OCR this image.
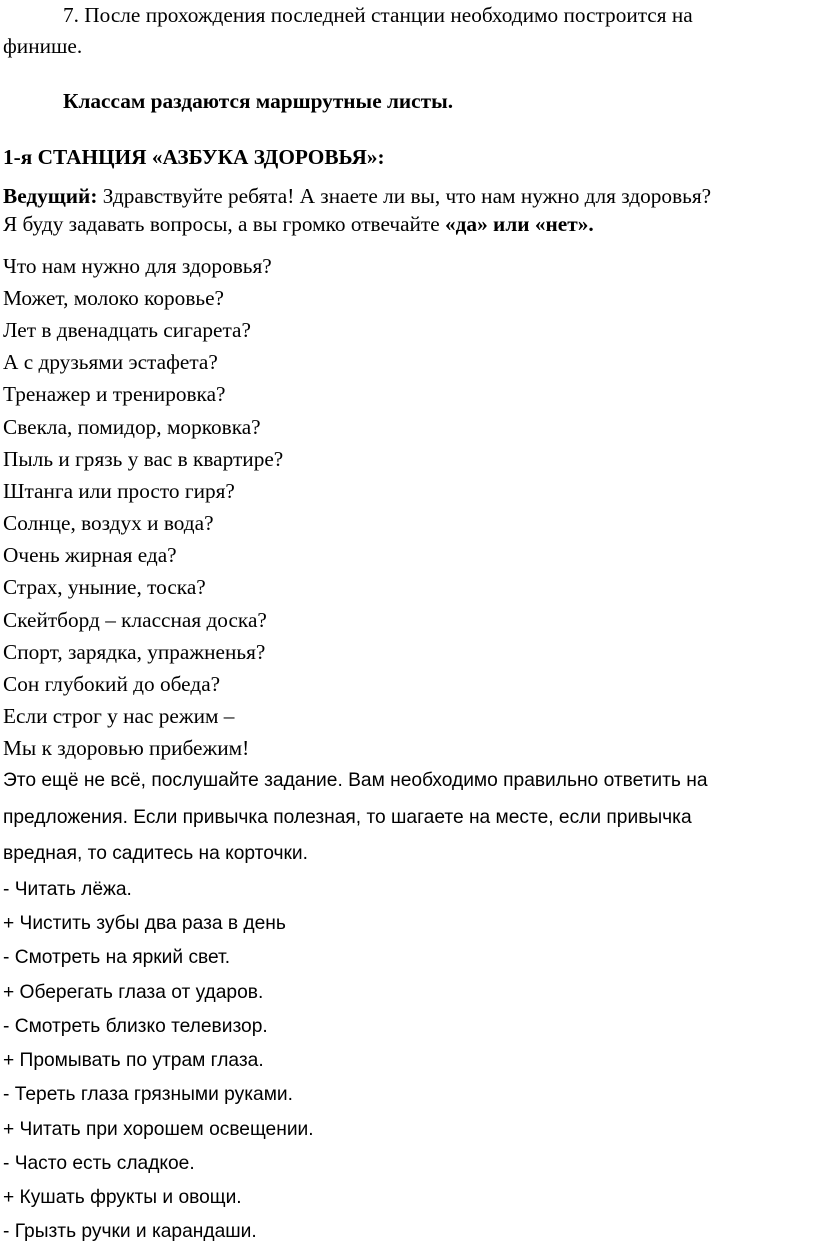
7. После прохождения последней станции необходимо построится на
финише.
Классам раздаются маршрутные листы.
1-я СТАНЦИЯ «АЗБУКА ЗДОРОВЬЯ»:
Ведущий: Здравствуйте ребята! А знаете ли вы, что нам нужно для здоровья?
Я буду задавать вопросы, а вы громко отвечайте «да» или «нет».
Что нам нужно для здоровья?
Может, молоко коровье?
Лет в двенадцать сигарета?
А с друзьями эстафета?
Тренажер и тренировка?
Свекла, помидор, морковка?
Пыль и грязь у вас в квартире?
Штанга или просто гиря?
Солнце, воздух и вода?
Очень жирная еда?
Страх, уныние, тоска?
Скейтборд – классная доска?
Спорт, зарядка, упражненья?
Сон глубокий до обеда?
Если строг у нас режим –
Мы к здоровью прибежим!
Это ещё не всё, послушайте задание. Вам необходимо правильно ответить на
предложения. Если привычка полезная, то шагаете на месте, если привычка
вредная, то садитесь на корточки.
- Читать лёжа.
+ Чистить зубы два раза в день
- Смотреть на яркий свет.
+ Оберегать глаза от ударов.
- Смотреть близко телевизор.
+ Промывать по утрам глаза.
- Тереть глаза грязными руками.
+ Читать при хорошем освещении.
- Часто есть сладкое.
+ Кушать фрукты и овощи.
- Грызть ручки и карандаши.
